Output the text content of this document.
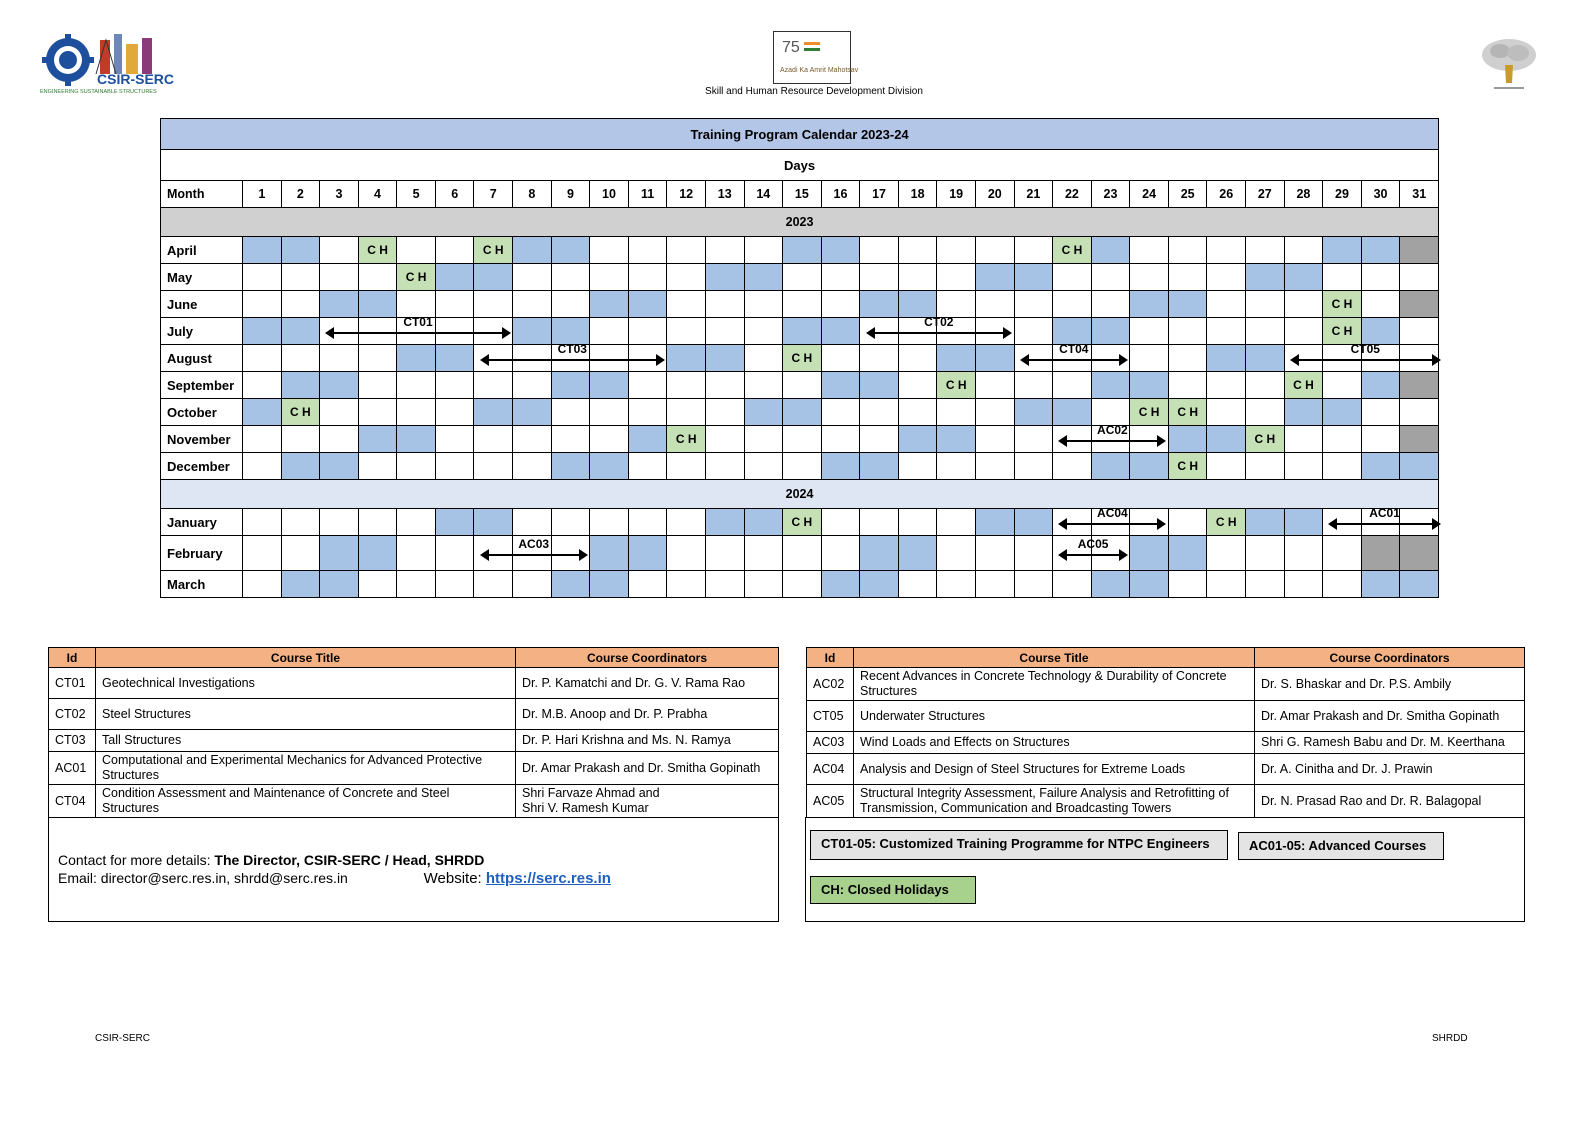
CSIR-SERC
ENGINEERING SUSTAINABLE STRUCTURES
75
Azadi Ka Amrit Mahotsav
Skill and Human Resource Development Division
Training Program Calendar 2023-24																															
Days																															
Month	1	2	3	4	5	6	7	8	9	10	11	12	13	14	15	16	17	18	19	20	21	22	23	24	25	26	27	28	29	30	31
2023																															
April				C H			C H															C H									
May					C H																										
June																													C H		
July																													C H		
August															C H																
September																			C H									C H			
October		C H																						C H	C H						
November												C H															C H				
December																									C H						
2024																															
January															C H											C H					
February																															
March																															
CT01	CT02
CT03	CT04	CT05
AC02
AC04	AC01
AC03	AC05
Id	Course Title	Course Coordinators
CT01	Geotechnical Investigations	Dr. P. Kamatchi and Dr. G. V. Rama Rao
CT02	Steel Structures	Dr. M.B. Anoop and Dr. P. Prabha
CT03	Tall Structures	Dr. P. Hari Krishna and Ms. N. Ramya
AC01	Computational and Experimental Mechanics for Advanced Protective Structures	Dr. Amar Prakash and Dr. Smitha Gopinath
CT04	Condition Assessment and Maintenance of Concrete and Steel Structures	Shri Farvaze Ahmad and
Shri V. Ramesh Kumar
Id	Course Title	Course Coordinators
AC02	Recent Advances in Concrete Technology & Durability of Concrete Structures	Dr. S. Bhaskar and Dr. P.S. Ambily
CT05	Underwater Structures	Dr. Amar Prakash and Dr. Smitha Gopinath
AC03	Wind Loads and Effects on Structures	Shri G. Ramesh Babu and Dr. M. Keerthana
AC04	Analysis and Design of Steel Structures for Extreme Loads	Dr. A. Cinitha and Dr. J. Prawin
AC05	Structural Integrity Assessment, Failure Analysis and Retrofitting of Transmission, Communication and Broadcasting Towers	Dr. N. Prasad Rao and Dr. R. Balagopal
Contact for more details: The Director, CSIR-SERC / Head, SHRDD
Email: director@serc.res.in, shrdd@serc.res.in	Website: https://serc.res.in
CT01-05: Customized Training Programme for NTPC Engineers	AC01-05: Advanced Courses
CH: Closed Holidays
CSIR-SERC	SHRDD
